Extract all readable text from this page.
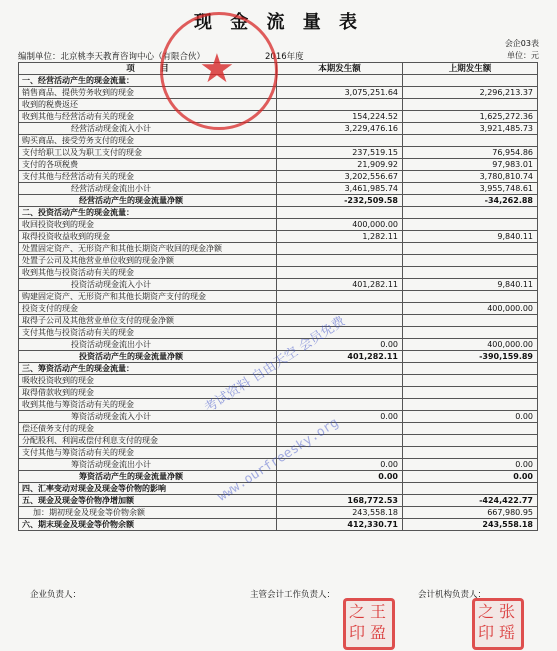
现 金 流 量 表
会企03表
编制单位：北京桃李天教育咨询中心（有限合伙）	2016年度	单位：元
项　　　目	本期发生额	上期发生额
一、经营活动产生的现金流量：		
销售商品、提供劳务收到的现金	3,075,251.64	2,296,213.37
收到的税费返还		
收到其他与经营活动有关的现金	154,224.52	1,625,272.36
经营活动现金流入小计	3,229,476.16	3,921,485.73
购买商品、接受劳务支付的现金		
支付给职工以及为职工支付的现金	237,519.15	76,954.86
支付的各项税费	21,909.92	97,983.01
支付其他与经营活动有关的现金	3,202,556.67	3,780,810.74
经营活动现金流出小计	3,461,985.74	3,955,748.61
经营活动产生的现金流量净额	-232,509.58	-34,262.88
二、投资活动产生的现金流量：		
收回投资收到的现金	400,000.00	
取得投资收益收到的现金	1,282.11	9,840.11
处置固定资产、无形资产和其他长期资产收回的现金净额		
处置子公司及其他营业单位收到的现金净额		
收到其他与投资活动有关的现金		
投资活动现金流入小计	401,282.11	9,840.11
购建固定资产、无形资产和其他长期资产支付的现金		
投资支付的现金		400,000.00
取得子公司及其他营业单位支付的现金净额		
支付其他与投资活动有关的现金		
投资活动现金流出小计	0.00	400,000.00
投资活动产生的现金流量净额	401,282.11	-390,159.89
三、筹资活动产生的现金流量：		
吸收投资收到的现金		
取得借款收到的现金		
收到其他与筹资活动有关的现金		
筹资活动现金流入小计	0.00	0.00
偿还债务支付的现金		
分配股利、利润或偿付利息支付的现金		
支付其他与筹资活动有关的现金		
筹资活动现金流出小计	0.00	0.00
筹资活动产生的现金流量净额	0.00	0.00
四、汇率变动对现金及现金等价物的影响		
五、现金及现金等价物净增加额	168,772.53	-424,422.77
加：期初现金及现金等价物余额	243,558.18	667,980.95
六、期末现金及现金等价物余额	412,330.71	243,558.18
企业负责人：	主管会计工作负责人：	会计机构负责人：
★
考试资料 自由天空 会员免费
www.ourfreesky.org
之 王
印 盈
之 张
印 瑶
